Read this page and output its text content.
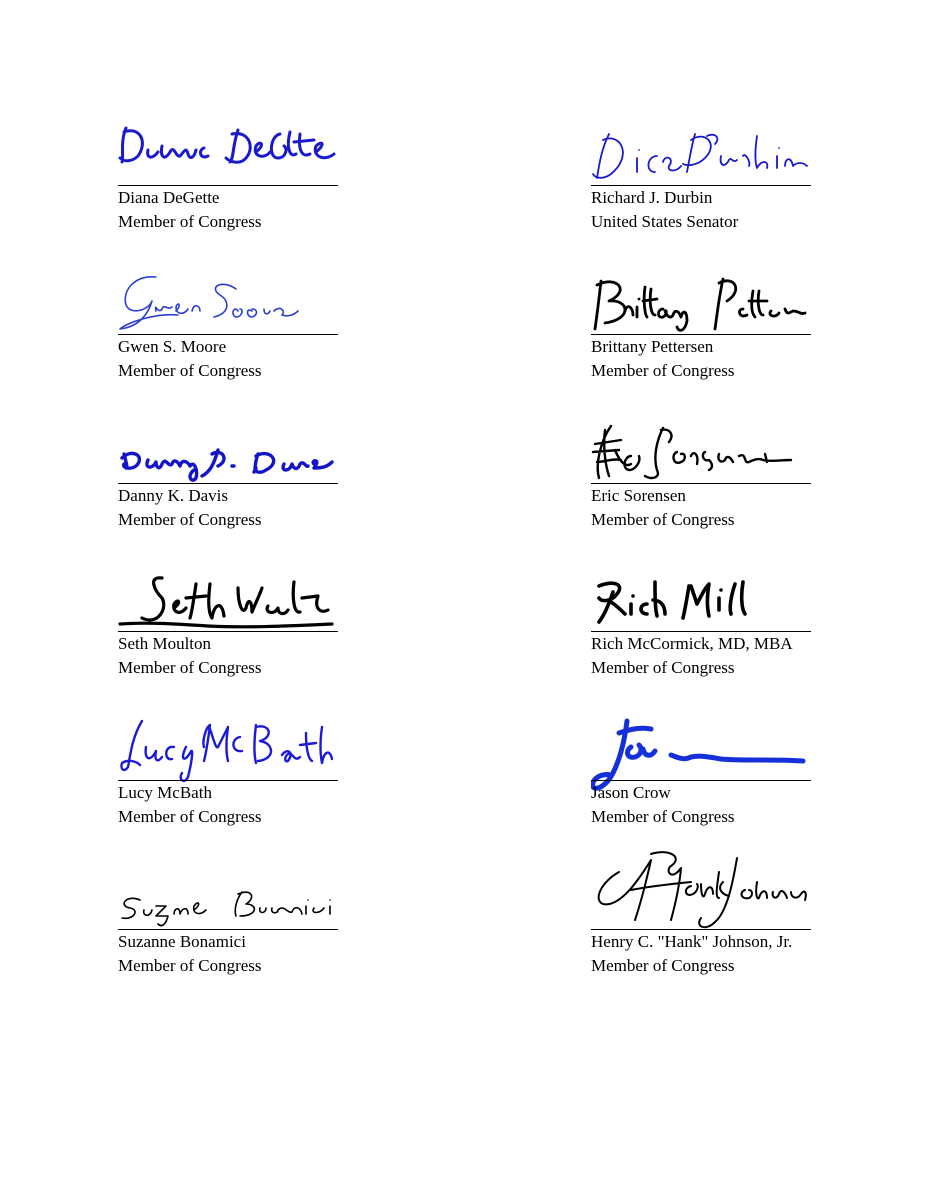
Diana DeGette
Member of Congress
Gwen S. Moore
Member of Congress
Danny K. Davis
Member of Congress
Seth Moulton
Member of Congress
Lucy McBath
Member of Congress
Suzanne Bonamici
Member of Congress
Richard J. Durbin
United States Senator
Brittany Pettersen
Member of Congress
Eric Sorensen
Member of Congress
Rich McCormick, MD, MBA
Member of Congress
Jason Crow
Member of Congress
Henry C. "Hank" Johnson, Jr.
Member of Congress
